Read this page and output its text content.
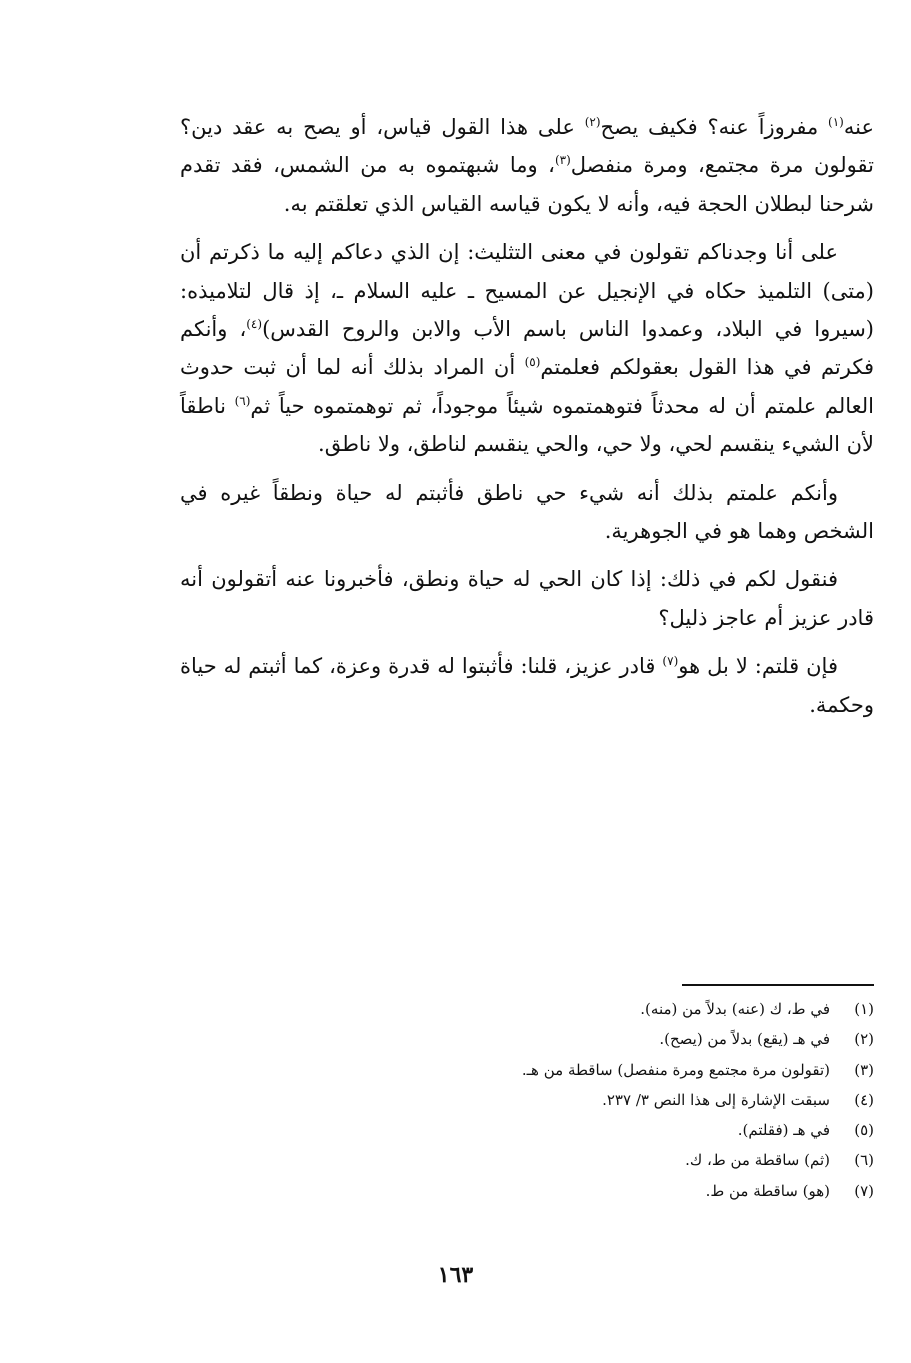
عنه$^{(١)}$ مفروزاً عنه؟ فكيف يصح$^{(٢)}$ على هذا القول قياس، أو يصح به عقد دين؟ تقولون مرة مجتمع، ومرة منفصل$^{(٣)}$، وما شبهتموه به من الشمس، فقد تقدم شرحنا لبطلان الحجة فيه، وأنه لا يكون قياسه القياس الذي تعلقتم به.

على أنا وجدناكم تقولون في معنى التثليث: إن الذي دعاكم إليه ما ذكرتم أن (متى) التلميذ حكاه في الإنجيل عن المسيح ـ عليه السلام ـ، إذ قال لتلاميذه: (سيروا في البلاد، وعمدوا الناس باسم الأب والابن والروح القدس)$^{(٤)}$، وأنكم فكرتم في هذا القول بعقولكم فعلمتم$^{(٥)}$ أن المراد بذلك أنه لما أن ثبت حدوث العالم علمتم أن له محدثاً فتوهمتموه شيئاً موجوداً، ثم توهمتموه حياً ثم$^{(٦)}$ ناطقاً لأن الشيء ينقسم لحي، ولا حي، والحي ينقسم لناطق، ولا ناطق.

وأنكم علمتم بذلك أنه شيء حي ناطق فأثبتم له حياة ونطقاً غيره في الشخص وهما هو في الجوهرية.

فنقول لكم في ذلك: إذا كان الحي له حياة ونطق، فأخبرونا عنه أتقولون أنه قادر عزيز أم عاجز ذليل؟

فإن قلتم: لا بل هو$^{(٧)}$ قادر عزيز، قلنا: فأثبتوا له قدرة وعزة، كما أثبتم له حياة وحكمة.

(١)
في ط، ك (عنه) بدلاً من (منه).
(٢)
في هـ (يقع) بدلاً من (يصح).
(٣)
(تقولون مرة مجتمع ومرة منفصل) ساقطة من هـ.
(٤)
سبقت الإشارة إلى هذا النص ٣/ ٢٣٧.
(٥)
في هـ (فقلتم).
(٦)
(ثم) ساقطة من ط، ك.
(٧)
(هو) ساقطة من ط.
١٦٣
